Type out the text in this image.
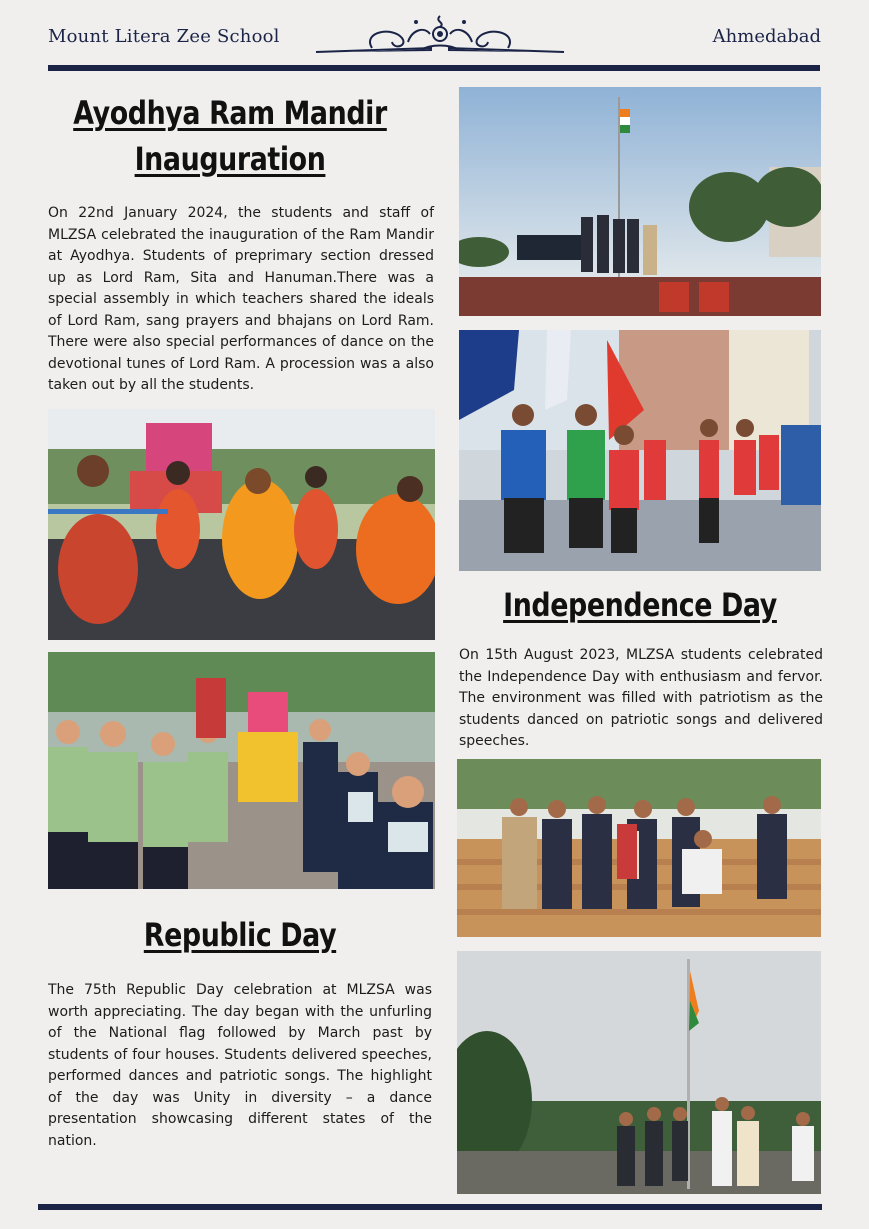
Mount Litera Zee School	Ahmedabad
Ayodhya Ram Mandir
Inauguration
On 22nd January 2024, the students and staff of MLZSA celebrated the inauguration of the Ram Mandir at Ayodhya. Students of preprimary section dressed up as Lord Ram, Sita and Hanuman.There was a special assembly in which teachers shared the ideals of Lord Ram, sang prayers and bhajans on Lord Ram. There were also special performances of dance on the devotional tunes of Lord Ram. A procession was a also taken out by all the students.
Republic Day
The 75th Republic Day celebration at MLZSA was worth appreciating. The day began with the unfurling of the National flag followed by March past by students of four houses. Students delivered speeches, performed dances and patriotic songs. The highlight of the day was Unity in diversity – a dance presentation showcasing different states of the nation.
Independence Day
On 15th August 2023, MLZSA students celebrated the Independence Day with enthusiasm and fervor. The environment was filled with patriotism as the students danced on patriotic songs and delivered speeches.
